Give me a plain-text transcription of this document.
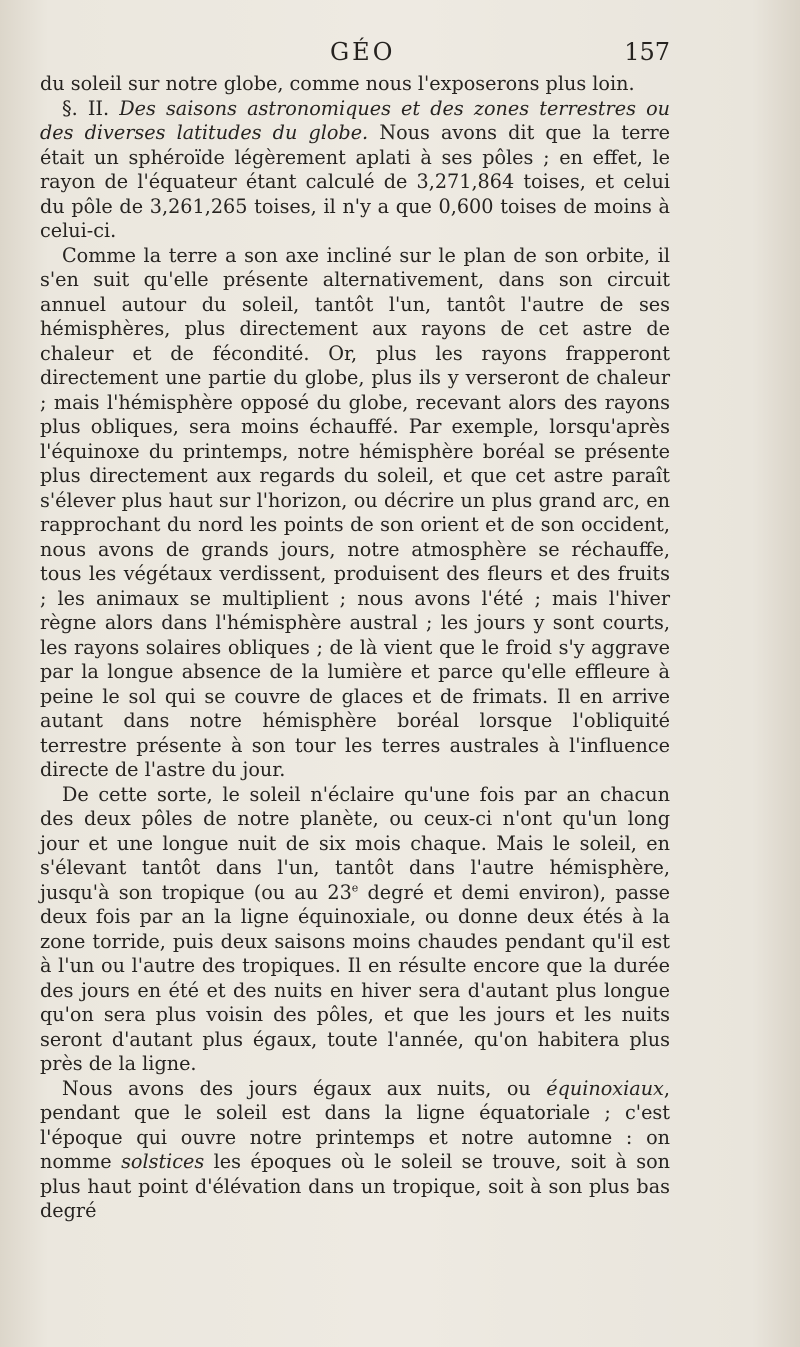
GÉO	157

du soleil sur notre globe, comme nous l'exposerons plus loin.

§. II. Des saisons astronomiques et des zones terrestres ou des diverses latitudes du globe. Nous avons dit que la terre était un sphéroïde légèrement aplati à ses pôles ; en effet, le rayon de l'équateur étant calculé de 3,271,864 toises, et celui du pôle de 3,261,265 toises, il n'y a que 0,600 toises de moins à celui-ci.

Comme la terre a son axe incliné sur le plan de son orbite, il s'en suit qu'elle présente alternativement, dans son circuit annuel autour du soleil, tantôt l'un, tantôt l'autre de ses hémisphères, plus directement aux rayons de cet astre de chaleur et de fécondité. Or, plus les rayons frapperont directement une partie du globe, plus ils y verseront de chaleur ; mais l'hémisphère opposé du globe, recevant alors des rayons plus obliques, sera moins échauffé. Par exemple, lorsqu'après l'équinoxe du printemps, notre hémisphère boréal se présente plus directement aux regards du soleil, et que cet astre paraît s'élever plus haut sur l'horizon, ou décrire un plus grand arc, en rapprochant du nord les points de son orient et de son occident, nous avons de grands jours, notre atmosphère se réchauffe, tous les végétaux verdissent, produisent des fleurs et des fruits ; les animaux se multiplient ; nous avons l'été ; mais l'hiver règne alors dans l'hémisphère austral ; les jours y sont courts, les rayons solaires obliques ; de là vient que le froid s'y aggrave par la longue absence de la lumière et parce qu'elle effleure à peine le sol qui se couvre de glaces et de frimats. Il en arrive autant dans notre hémisphère boréal lorsque l'obliquité terrestre présente à son tour les terres australes à l'influence directe de l'astre du jour.

De cette sorte, le soleil n'éclaire qu'une fois par an chacun des deux pôles de notre planète, ou ceux-ci n'ont qu'un long jour et une longue nuit de six mois chaque. Mais le soleil, en s'élevant tantôt dans l'un, tantôt dans l'autre hémisphère, jusqu'à son tropique (ou au 23e degré et demi environ), passe deux fois par an la ligne équinoxiale, ou donne deux étés à la zone torride, puis deux saisons moins chaudes pendant qu'il est à l'un ou l'autre des tropiques. Il en résulte encore que la durée des jours en été et des nuits en hiver sera d'autant plus longue qu'on sera plus voisin des pôles, et que les jours et les nuits seront d'autant plus égaux, toute l'année, qu'on habitera plus près de la ligne.

Nous avons des jours égaux aux nuits, ou équinoxiaux, pendant que le soleil est dans la ligne équatoriale ; c'est l'époque qui ouvre notre printemps et notre automne : on nomme solstices les époques où le soleil se trouve, soit à son plus haut point d'élévation dans un tropique, soit à son plus bas degré
